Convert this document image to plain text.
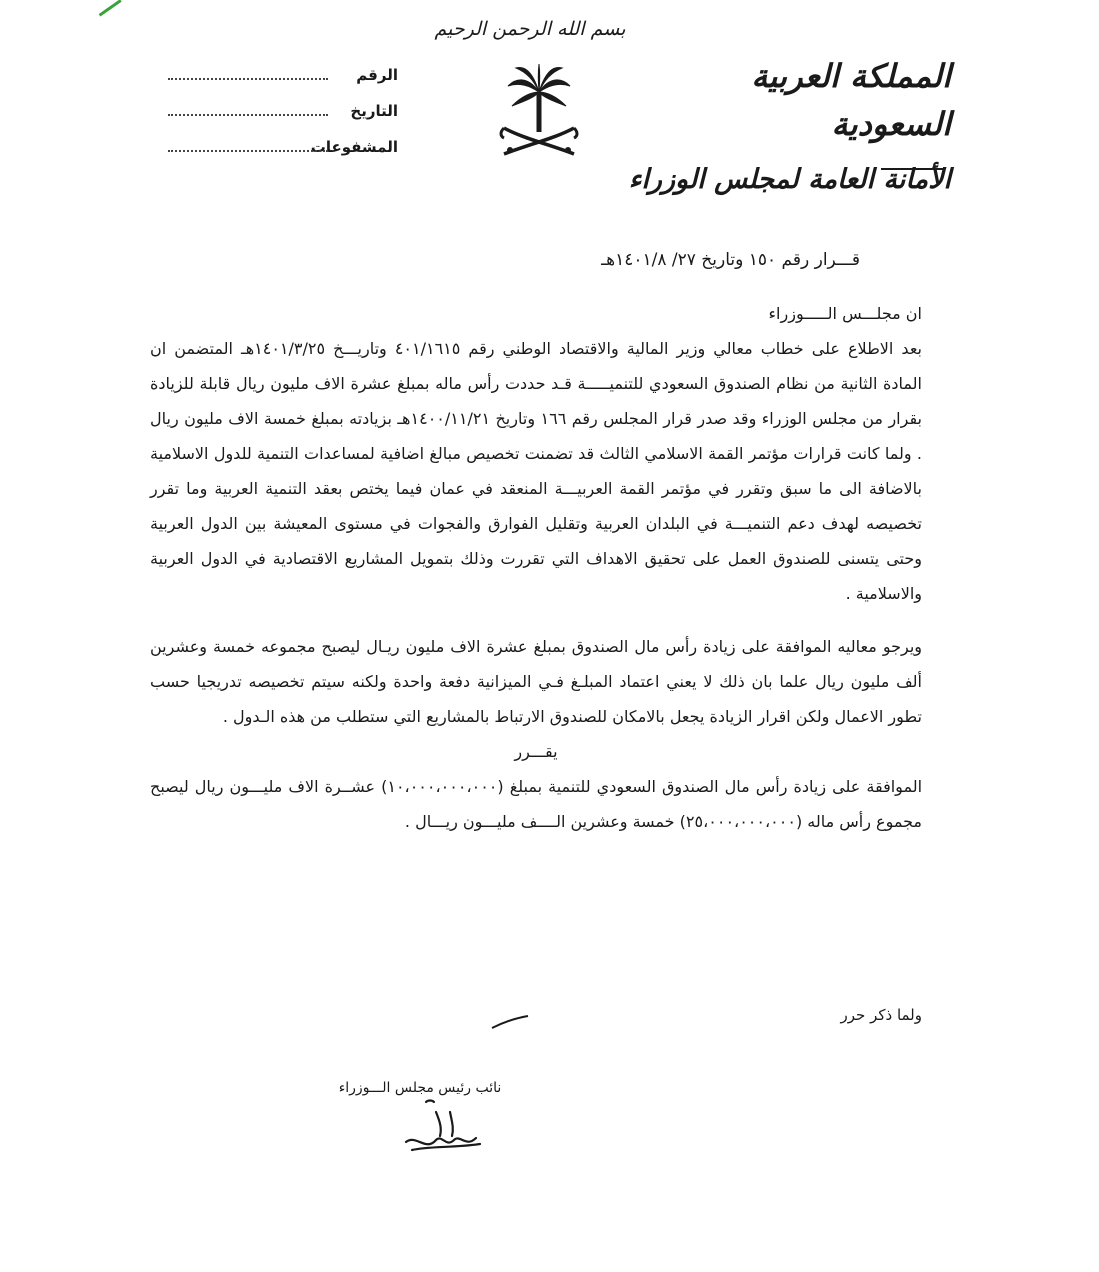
بسم الله الرحمن الرحيم
المملكة العربية السعودية
الأمانة العامة لمجلس الوزراء
الرقم
التاريخ
المشفوعات
قـــرار رقم ١٥٠ وتاريخ ٢٧/ ١٤٠١/٨هـ

ان مجلـــس الـــــوزراء

بعد الاطلاع على خطاب معالي وزير المالية والاقتصاد الوطني رقم ٤٠١/١٦١٥ وتاريـــخ ١٤٠١/٣/٢٥هـ المتضمن ان المادة الثانية من نظام الصندوق السعودي للتنميـــــة قـد حددت رأس ماله بمبلغ عشرة الاف مليون ريال قابلة للزيادة بقرار من مجلس الوزراء وقد صدر قرار المجلس رقم ١٦٦ وتاريخ ١٤٠٠/١١/٢١هـ بزيادته بمبلغ خمسة الاف مليون ريال . ولما كانت قرارات مؤتمر القمة الاسلامي الثالث قد تضمنت تخصيص مبالغ اضافية لمساعدات التنمية للدول الاسلامية بالاضافة الى ما سبق وتقرر في مؤتمر القمة العربيـــة المنعقد في عمان فيما يختص بعقد التنمية العربية وما تقرر تخصيصه لهدف دعم التنميـــة في البلدان العربية وتقليل الفوارق والفجوات في مستوى المعيشة بين الدول العربية وحتى يتسنى للصندوق العمل على تحقيق الاهداف التي تقررت وذلك بتمويل المشاريع الاقتصادية في الدول العربية والاسلامية .

ويرجو معاليه الموافقة على زيادة رأس مال الصندوق بمبلغ عشرة الاف مليون ريـال ليصبح مجموعه خمسة وعشرين ألف مليون ريال علما بان ذلك لا يعني اعتماد المبلـغ فـي الميزانية دفعة واحدة ولكنه سيتم تخصيصه تدريجيا حسب تطور الاعمال ولكن اقرار الزيادة يجعل بالامكان للصندوق الارتباط بالمشاريع التي ستطلب من هذه الـدول .

يقـــرر

الموافقة على زيادة رأس مال الصندوق السعودي للتنمية بمبلغ (١٠،٠٠٠،٠٠٠،٠٠٠) عشــرة الاف مليـــون ريال ليصبح مجموع رأس ماله (٢٥،٠٠٠،٠٠٠،٠٠٠) خمسة وعشرين الــــف مليـــون ريـــال .

ولما ذكر حرر
نائب رئيس مجلس الـــوزراء
